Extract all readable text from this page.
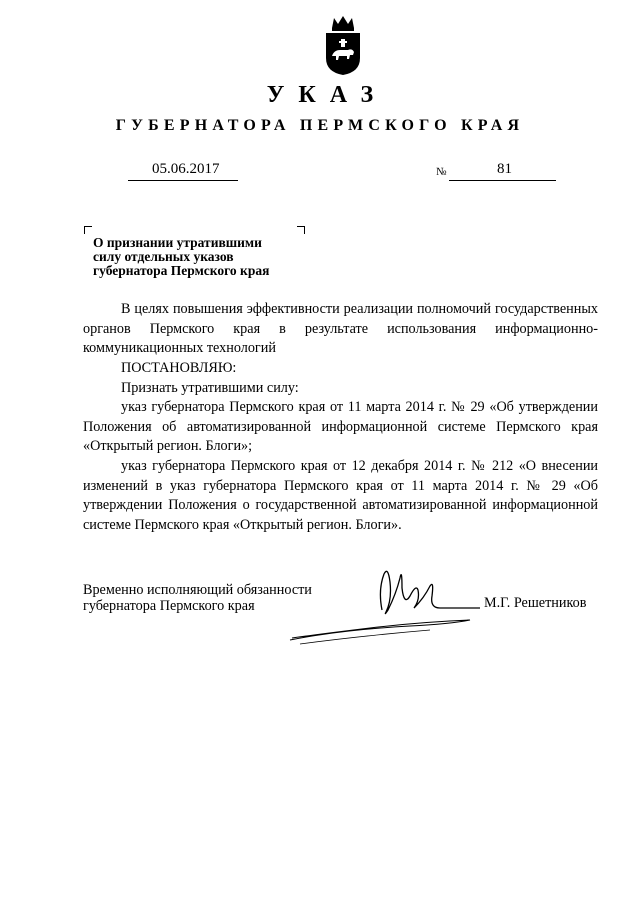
УКАЗ
ГУБЕРНАТОРА ПЕРМСКОГО КРАЯ
05.06.2017	№	81
О признании утратившими
силу отдельных указов
губернатора Пермского края
В целях повышения эффективности реализации полномочий государственных органов Пермского края в результате использования информационно-коммуникационных технологий
ПОСТАНОВЛЯЮ:
Признать утратившими силу:
указ губернатора Пермского края от 11 марта 2014 г. № 29 «Об утверждении Положения об автоматизированной информационной системе Пермского края «Открытый регион. Блоги»;
указ губернатора Пермского края от 12 декабря 2014 г. № 212 «О внесении изменений в указ губернатора Пермского края от 11 марта 2014 г. № 29 «Об утверждении Положения о государственной автоматизированной информационной системе Пермского края «Открытый регион. Блоги».
Временно исполняющий обязанности
губернатора Пермского края	М.Г. Решетников
